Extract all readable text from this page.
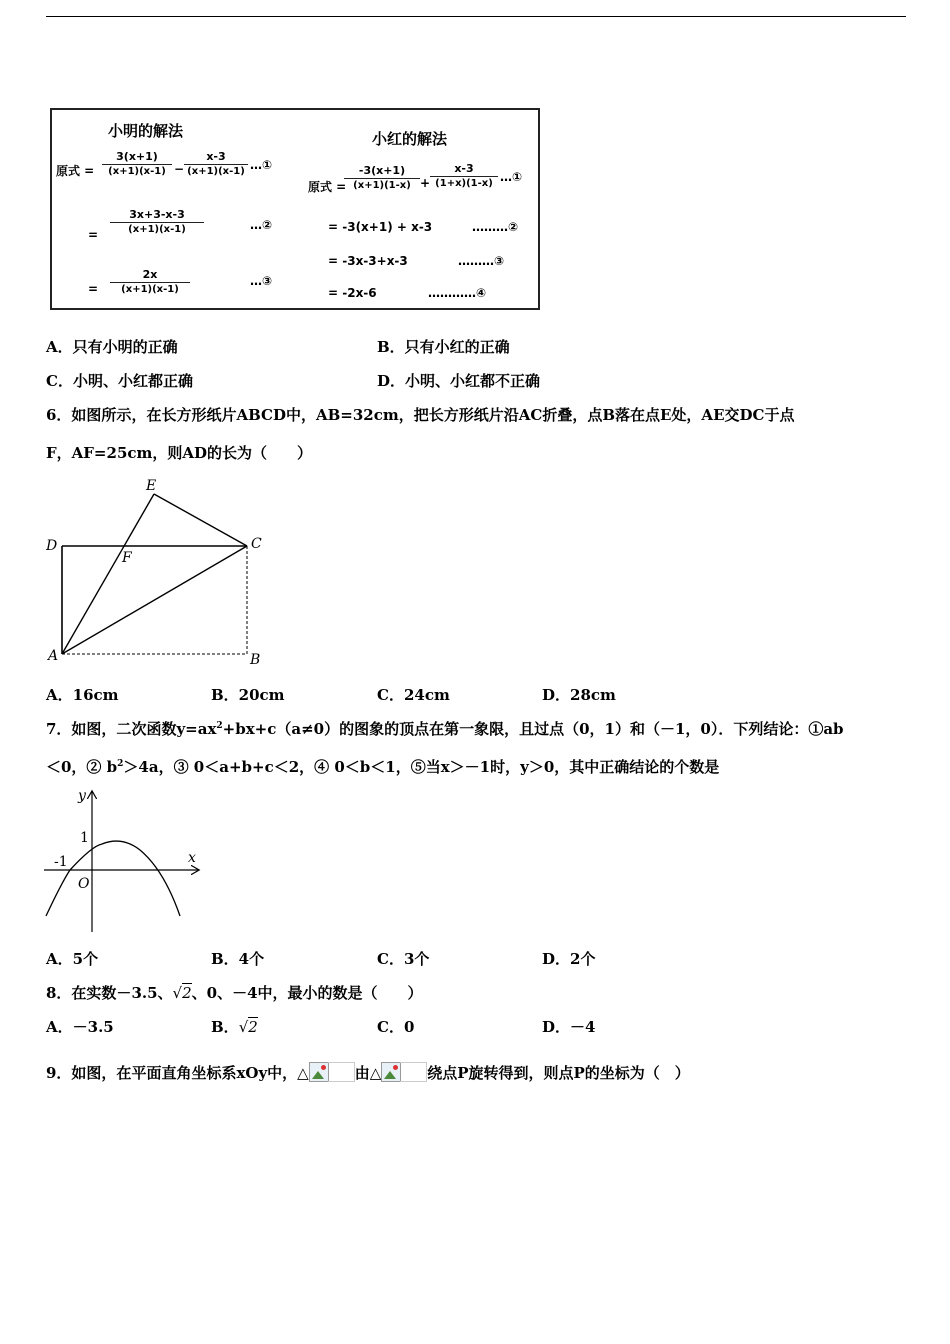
小明的解法	小红的解法
原式 =
3(x+1)
(x+1)(x-1) −
x-3
(x+1)(x-1) …①
=
3x+3-x-3
(x+1)(x-1)	…②
=
2x
(x+1)(x-1)
…③
原式 =
-3(x+1)
(x+1)(1-x) +
x-3
(1+x)(1-x) …①
= -3(x+1) + x-3	………②
= -3x-3+x-3	………③
= -2x-6	…………④
A．只有小明的正确	B．只有小红的正确
C．小明、小红都正确	D．小明、小红都不正确
6．如图所示，在长方形纸片ABCD中，AB=32cm，把长方形纸片沿AC折叠，点B落在点E处，AE交DC于点
F，AF=25cm，则AD的长为（　　）
E
D	C
F
A	B
A．16cm	B．20cm	C．24cm	D．28cm
7．如图，二次函数$y=ax^2+bx+c(a\ne 0)$的图象的顶点在第一象限，且过点（0，1）和（－1，0）．下列结论：①ab
＜0，② $b^2>4a$，③ 0＜a+b+c＜2，④ 0＜b＜1，⑤当x＞－1时，y＞0，其中正确结论的个数是
y
x
1
-1
O
A．5个	B．4个	C．3个	D．2个
8．在实数－3.5、√2、0、－4中，最小的数是（　　）
A．－3.5	B．√2	C．0	D．－4
9．如图，在平面直角坐标系xOy中，△	由△	绕点P旋转得到，则点P的坐标为（　）
